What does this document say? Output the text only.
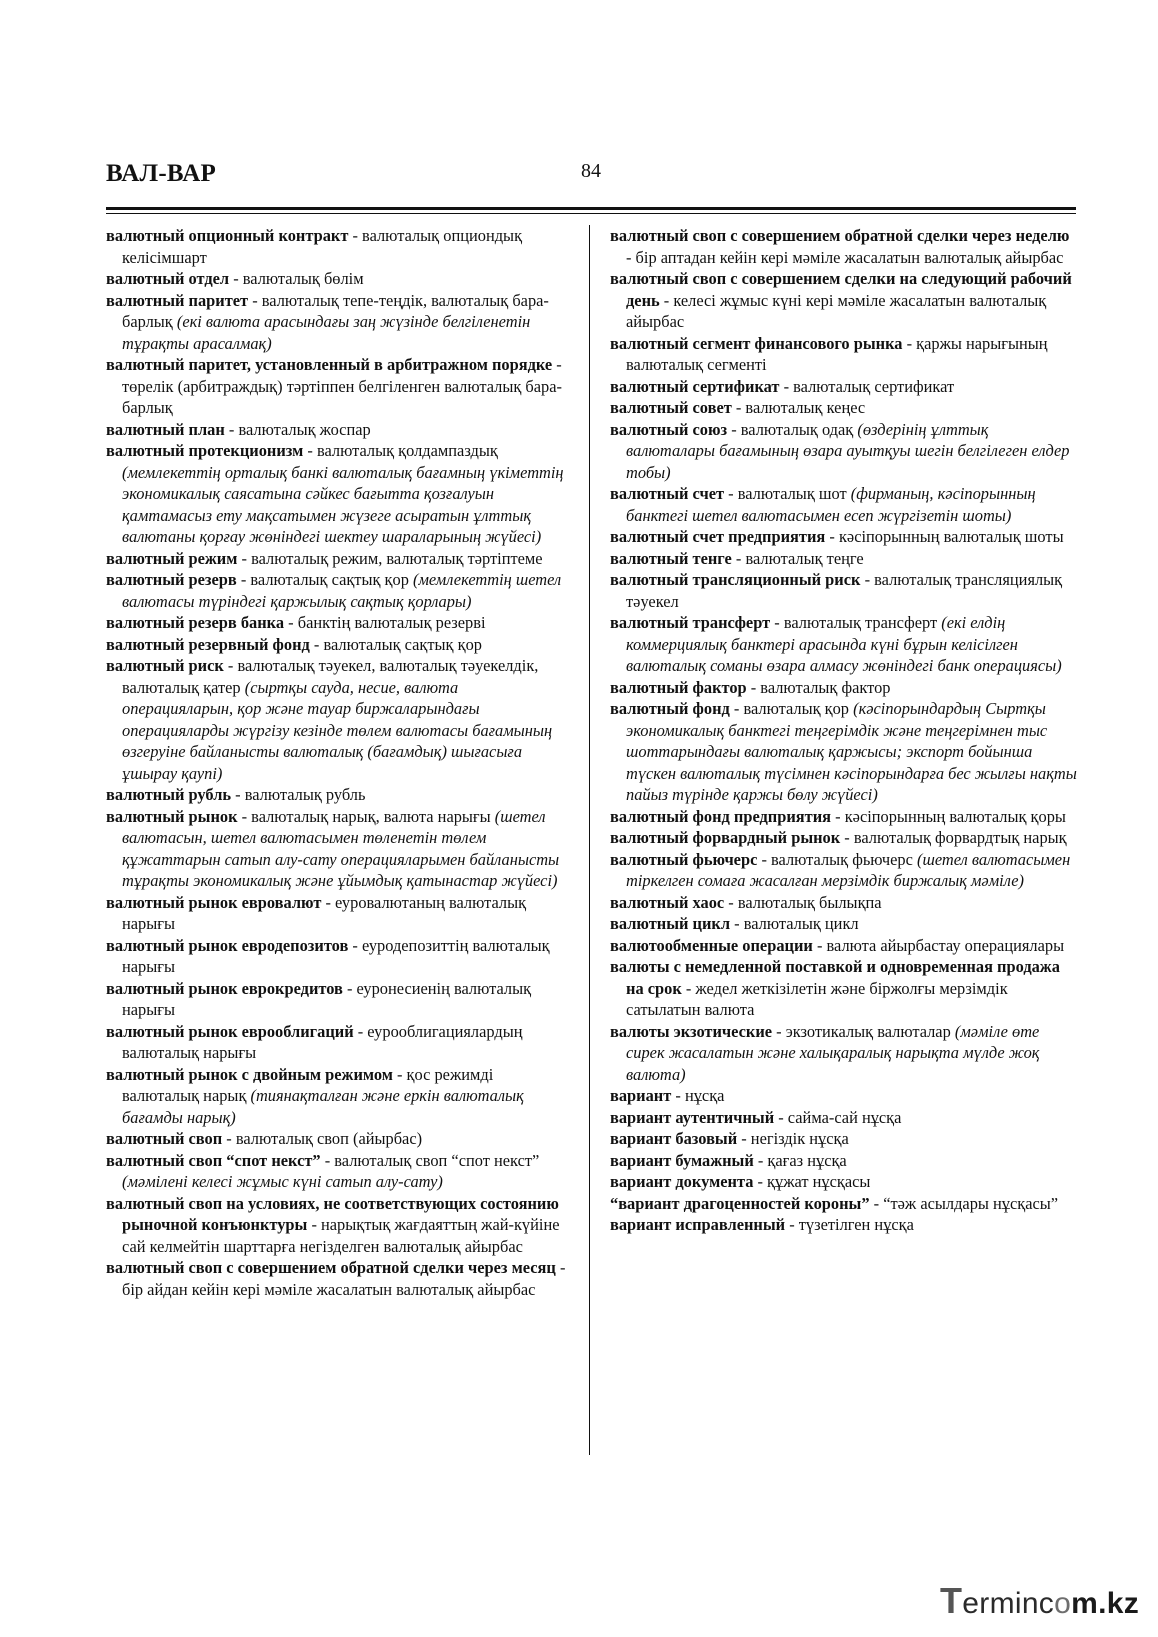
ВАЛ-ВАР	84

валютный опционный контракт - валюталық опциондық келісімшарт

валютный отдел - валюталық бөлім

валютный паритет - валюталық тепе-теңдік, валюталық бара-барлық (екі валюта арасындағы заң жүзінде белгіленетін тұрақты арасалмақ)

валютный паритет, установленный в арбитражном порядке - төрелік (арбитраждық) тәртіппен белгіленген валюталық бара-барлық

валютный план - валюталық жоспар

валютный протекционизм - валюталық қолдампаздық (мемлекеттің орталық банкі валюталық бағамның үкіметтің экономикалық саясатына сәйкес бағытта қозғалуын қамтамасыз ету мақсатымен жүзеге асыратын ұлттық валютаны қорғау жөніндегі шектеу шараларының жүйесі)

валютный режим - валюталық режим, валюталық тәртіптеме

валютный резерв - валюталық сақтық қор (мемлекеттің шетел валютасы түріндегі қаржылық сақтық қорлары)

валютный резерв банка - банктің валюталық резерві

валютный резервный фонд - валюталық сақтық қор

валютный риск - валюталық тәуекел, валюталық тәуекелдік, валюталық қатер (сыртқы сауда, несие, валюта операцияларын, қор және тауар биржаларындағы операцияларды жүргізу кезінде төлем валютасы бағамының өзгеруіне байланысты валюталық (бағамдық) шығасыға ұшырау қаупі)

валютный рубль - валюталық рубль

валютный рынок - валюталық нарық, валюта нарығы (шетел валютасын, шетел валютасымен төленетін төлем құжаттарын сатып алу-сату операцияларымен байланысты тұрақты экономикалық және ұйымдық қатынастар жүйесі)

валютный рынок евровалют - еуровалютаның валюталық нарығы

валютный рынок евродепозитов - еуродепозиттің валюталық нарығы

валютный рынок еврокредитов - еуронесиенің валюталық нарығы

валютный рынок еврооблигаций - еурооблигациялардың валюталық нарығы

валютный рынок с двойным режимом - қос режимді валюталық нарық (тиянақталған және еркін валюталық бағамды нарық)

валютный своп - валюталық своп (айырбас)

валютный своп “спот некст” - валюталық своп “спот некст” (мәмілені келесі жұмыс күні сатып алу-сату)

валютный своп на условиях, не соответствующих состоянию рыночной конъюнктуры - нарықтық жағдаяттың жай-күйіне сай келмейтін шарттарға негізделген валюталық айырбас

валютный своп с совершением обратной сделки через месяц - бір айдан кейін кері мәміле жасалатын валюталық айырбас

валютный своп с совершением обратной сделки через неделю - бір аптадан кейін кері мәміле жасалатын валюталық айырбас

валютный своп с совершением сделки на следующий рабочий день - келесі жұмыс күні кері мәміле жасалатын валюталық айырбас

валютный сегмент финансового рынка - қаржы нарығының валюталық сегменті

валютный сертификат - валюталық сертификат

валютный совет - валюталық кеңес

валютный союз - валюталық одақ (өздерінің ұлттық валюталары бағамының өзара ауытқуы шегін белгілеген елдер тобы)

валютный счет - валюталық шот (фирманың, кәсіпорынның банктегі шетел валютасымен есеп жүргізетін шоты)

валютный счет предприятия - кәсіпорынның валюталық шоты

валютный тенге - валюталық теңге

валютный трансляционный риск - валюталық трансляциялық тәуекел

валютный трансферт - валюталық трансферт (екі елдің коммерциялық банктері арасында күні бұрын келісілген валюталық соманы өзара алмасу жөніндегі банк операциясы)

валютный фактор - валюталық фактор

валютный фонд - валюталық қор (кәсіпорындардың Сыртқы экономикалық банктегі теңгерімдік және теңгерімнен тыс шоттарындағы валюталық қаржысы; экспорт бойынша түскен валюталық түсімнен кәсіпорындарға бес жылғы нақты пайыз түрінде қаржы бөлу жүйесі)

валютный фонд предприятия - кәсіпорынның валюталық қоры

валютный форвардный рынок - валюталық форвардтық нарық

валютный фьючерс - валюталық фьючерс (шетел валютасымен тіркелген сомаға жасалған мерзімдік биржалық мәміле)

валютный хаос - валюталық былықпа

валютный цикл - валюталық цикл

валютообменные операции - валюта айырбастау операциялары

валюты с немедленной поставкой и одновременная продажа на срок - жедел жеткізілетін және біржолғы мерзімдік сатылатын валюта

валюты экзотические - экзотикалық валюталар (мәміле өте сирек жасалатын және халықаралық нарықта мүлде жоқ валюта)

вариант - нұсқа

вариант аутентичный - сайма-сай нұсқа

вариант базовый - негіздік нұсқа

вариант бумажный - қағаз нұсқа

вариант документа - құжат нұсқасы

“вариант драгоценностей короны” - “тәж асылдары нұсқасы”

вариант исправленный - түзетілген нұсқа

Termincom.kz
